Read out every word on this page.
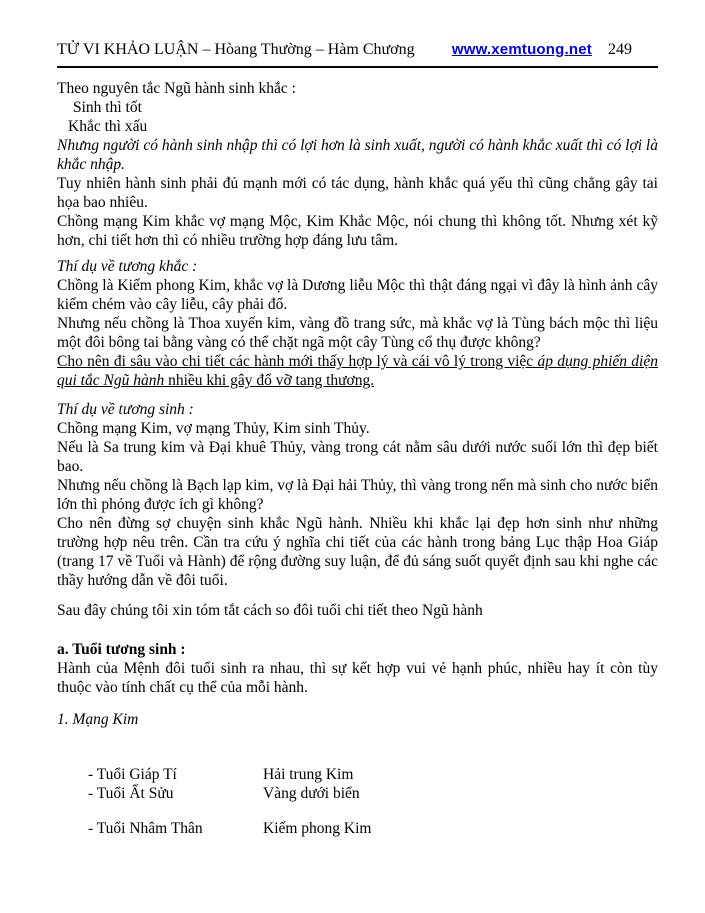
TỬ VI KHẢO LUẬN – Hòang Thường – Hàm Chương	www.xemtuong.net 249

Theo nguyên tắc Ngũ hành sinh khắc :

Sinh thì tốt

Khắc thì xấu

Nhưng người có hành sinh nhập thì có lợi hơn là sinh xuất, người có hành khắc xuất thì có lợi là khắc nhập.

Tuy nhiên hành sinh phải đủ mạnh mới có tác dụng, hành khắc quá yếu thì cũng chẳng gây tai họa bao nhiêu.

Chồng mạng Kim khắc vợ mạng Mộc, Kim Khắc Mộc, nói chung thì không tốt. Nhưng xét kỹ hơn, chi tiết hơn thì có nhiều trường hợp đáng lưu tâm.

Thí dụ về tương khắc :

Chồng là Kiếm phong Kim, khắc vợ là Dương liễu Mộc thì thật đáng ngại vì đây là hình ảnh cây kiếm chém vào cây liễu, cây phải đổ.

Nhưng nếu chồng là Thoa xuyến kim, vàng đồ trang sức, mà khắc vợ là Tùng bách mộc thì liệu một đôi bông tai bằng vàng có thể chặt ngã một cây Tùng cổ thụ được không?

Cho nên đi sâu vào chi tiết các hành mới thấy hợp lý và cái vô lý trong việc áp dụng phiến diện qui tắc Ngũ hành nhiều khi gây đổ vỡ tang thương.

Thí dụ về tương sinh :

Chồng mạng Kim, vợ mạng Thủy, Kim sinh Thủy.

Nếu là Sa trung kim và Đại khuê Thủy, vàng trong cát nằm sâu dưới nước suối lớn thì đẹp biết bao.

Nhưng nếu chồng là Bạch lạp kim, vợ là Đại hải Thủy, thì vàng trong nến mà sinh cho nước biển lớn thì phỏng được ích gì không?

Cho nên đừng sợ chuyện sinh khắc Ngũ hành. Nhiều khi khắc lại đẹp hơn sinh như những trường hợp nêu trên. Cần tra cứu ý nghĩa chi tiết của các hành trong bảng Lục thập Hoa Giáp (trang 17 về Tuổi và Hành) để rộng đường suy luận, để đủ sáng suốt quyết định sau khi nghe các thầy hướng dẫn về đôi tuổi.

Sau đây chúng tôi xin tóm tắt cách so đôi tuổi chi tiết theo Ngũ hành

a. Tuổi tương sinh :

Hành của Mệnh đôi tuổi sinh ra nhau, thì sự kết hợp vui vẻ hạnh phúc, nhiều hay ít còn tùy thuộc vào tính chất cụ thể của mỗi hành.

1. Mạng Kim

- Tuổi Giáp Tí	Hải trung Kim
- Tuổi Ất Sửu	Vàng dưới biển
- Tuổi Nhâm Thân	Kiếm phong Kim
